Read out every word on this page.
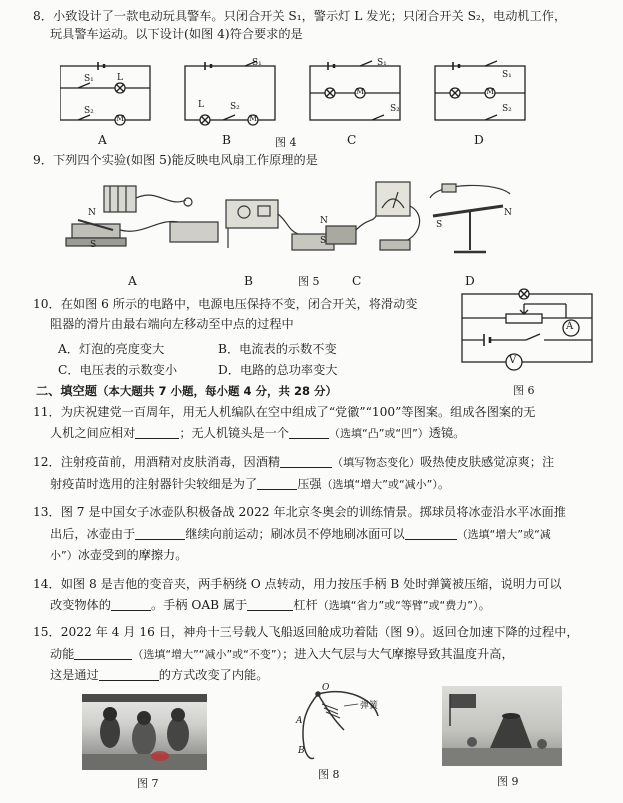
8．小致设计了一款电动玩具警车。只闭合开关 S₁，警示灯 L 发光；只闭合开关 S₂，电动机工作，
玩具警车运动。以下设计(如图 4)符合要求的是
S₁
S₂
L
M
L	S₂
S₁
M
S₁
M
S₂
S₁
M
S₂
A	B	图 4	C	D
9．下列四个实验(如图 5)能反映电风扇工作原理的是
N
S
N
S
S
N
A	B	图 5	C	D
10．在如图 6 所示的电路中，电源电压保持不变，闭合开关，将滑动变
阻器的滑片由最右端向左移动至中点的过程中
A．灯泡的亮度变大	B．电流表的示数不变
C．电压表的示数变小	D．电路的总功率变大
A
V
图 6
二、填空题（本大题共 7 小题，每小题 4 分，共 28 分）
11．为庆祝建党一百周年，用无人机编队在空中组成了“党徽”“100”等图案。组成各图案的无
人机之间应相对	；无人机镜头是一个	（选填“凸”或“凹”）透镜。
12．注射疫苗前，用酒精对皮肤消毒，因酒精	（填写物态变化）吸热使皮肤感觉凉爽；注
射疫苗时选用的注射器针尖较细是为了	压强（选填“增大”或“减小”）。
13．图 7 是中国女子冰壶队积极备战 2022 年北京冬奥会的训练情景。掷球员将冰壶沿水平冰面推
出后，冰壶由于	继续向前运动；刷冰员不停地刷冰面可以	（选填“增大”或“减
小”）冰壶受到的摩擦力。
14．如图 8 是吉他的变音夹，两手柄绕 O 点转动，用力按压手柄 B 处时弹簧被压缩，说明力可以
改变物体的	。手柄 OAB 属于	杠杆（选填“省力”或“等臂”或“费力”）。
15．2022 年 4 月 16 日，神舟十三号载人飞船返回舱成功着陆（图 9）。返回仓加速下降的过程中，
动能	（选填“增大”“减小”或“不变”）；进入大气层与大气摩擦导致其温度升高，
这是通过	的方式改变了内能。
图 7
O
弹簧
A
B
图 8
图 9
